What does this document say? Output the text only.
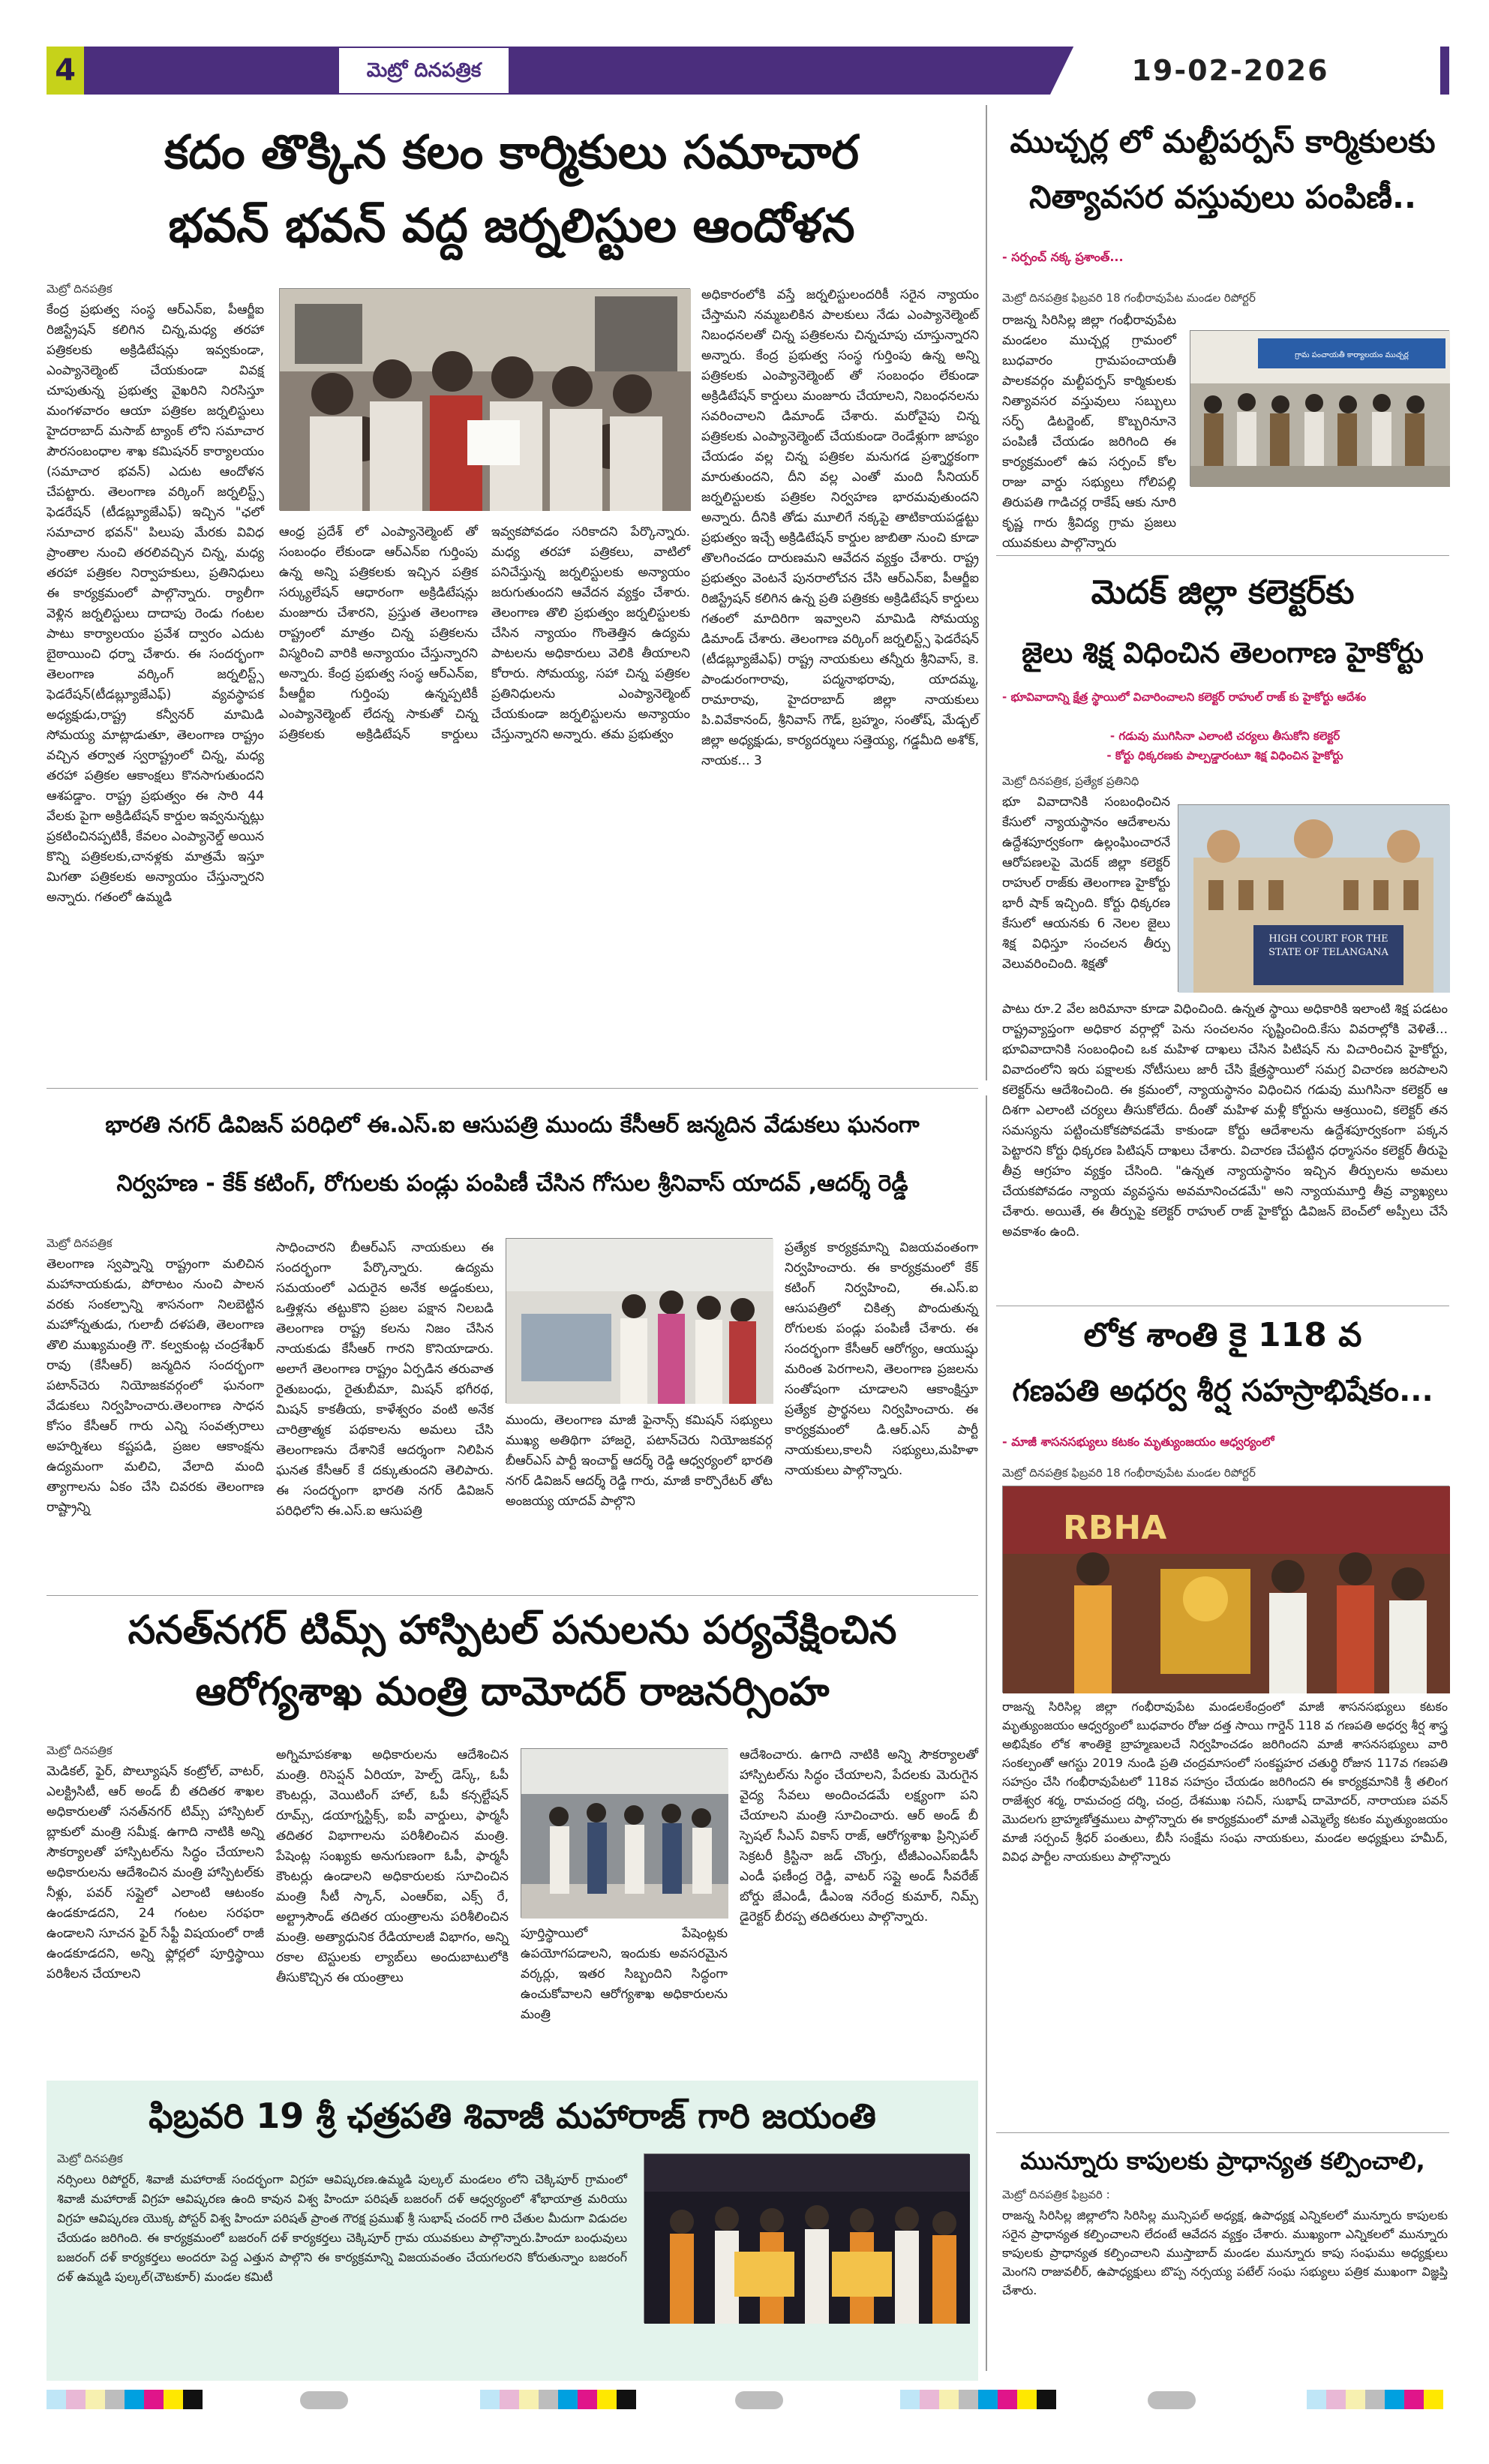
4	మెట్రో దినపత్రిక	19-02-2026
కదం తొక్కిన కలం కార్మికులు సమాచార
భవన్ భవన్ వద్ద జర్నలిస్టుల ఆందోళన
మెట్రో దినపత్రిక
కేంద్ర ప్రభుత్వ సంస్థ ఆర్ఎన్ఐ, పీఆర్జీఐ రిజిస్ట్రేషన్ కలిగిన చిన్న,మధ్య తరహా పత్రికలకు అక్రిడిటేషన్లు ఇవ్వకుండా, ఎంప్యానెల్మెంట్ చేయకుండా వివక్ష చూపుతున్న ప్రభుత్వ వైఖరిని నిరసిస్తూ మంగళవారం ఆయా పత్రికల జర్నలిస్టులు హైదరాబాద్ మసాబ్ ట్యాంక్ లోని సమాచార పౌరసంబంధాల శాఖ కమిషనర్ కార్యాలయం (సమాచార భవన్) ఎదుట ఆందోళన చేపట్టారు. తెలంగాణ వర్కింగ్ జర్నలిస్ట్స్ ఫెడరేషన్ (టీడబ్ల్యూజేఎఫ్) ఇచ్చిన "ఛలో సమాచార భవన్" పిలుపు మేరకు వివిధ ప్రాంతాల నుంచి తరలివచ్చిన చిన్న, మధ్య తరహా పత్రికల నిర్వాహకులు, ప్రతినిధులు ఈ కార్యక్రమంలో పాల్గొన్నారు. ర్యాలీగా వెళ్లిన జర్నలిస్టులు దాదాపు రెండు గంటల పాటు కార్యాలయం ప్రవేశ ద్వారం ఎదుట బైఠాయించి ధర్నా చేశారు. ఈ సందర్భంగా తెలంగాణ వర్కింగ్ జర్నలిస్ట్స్ ఫెడరేషన్(టీడబ్ల్యూజేఎఫ్) వ్యవస్థాపక అధ్యక్షుడు,రాష్ట్ర కన్వీనర్ మామిడి సోమయ్య మాట్లాడుతూ, తెలంగాణ రాష్ట్రం వచ్చిన తర్వాత స్వరాష్ట్రంలో చిన్న, మధ్య తరహా పత్రికల ఆకాంక్షలు కొనసాగుతుందని ఆశపడ్డాం. రాష్ట్ర ప్రభుత్వం ఈ సారి 44 వేలకు పైగా అక్రిడిటేషన్ కార్డుల ఇవ్వనున్నట్లు ప్రకటించినప్పటికీ, కేవలం ఎంప్యానెల్డ్ అయిన కొన్ని పత్రికలకు,చానళ్లకు మాత్రమే ఇస్తూ మిగతా పత్రికలకు అన్యాయం చేస్తున్నారని అన్నారు. గతంలో ఉమ్మడి
ఆంధ్ర ప్రదేశ్ లో ఎంప్యానెల్మెంట్ తో సంబంధం లేకుండా ఆర్ఎన్ఐ గుర్తింపు ఉన్న అన్ని పత్రికలకు ఇచ్చిన పత్రిక సర్క్యులేషన్ ఆధారంగా అక్రిడిటేషన్లు మంజూరు చేశారని, ప్రస్తుత తెలంగాణ రాష్ట్రంలో మాత్రం చిన్న పత్రికలను విస్మరించి వారికి అన్యాయం చేస్తున్నారని అన్నారు. కేంద్ర ప్రభుత్వ సంస్థ ఆర్ఎన్ఐ, పీఆర్జీఐ గుర్తింపు ఉన్నప్పటికీ ఎంప్యానెల్మెంట్ లేదన్న సాకుతో చిన్న పత్రికలకు అక్రిడిటేషన్ కార్డులు ఇవ్వకపోవడం సరికాదని పేర్కొన్నారు. మధ్య తరహా పత్రికలు, వాటిలో పనిచేస్తున్న జర్నలిస్టులకు అన్యాయం జరుగుతుందని ఆవేదన వ్యక్తం చేశారు. తెలంగాణ తొలి ప్రభుత్వం జర్నలిస్టులకు చేసిన న్యాయం గొంతెత్తిన ఉద్యమ పాటలను అధికారులు వెలికి తీయాలని కోరారు. సోమయ్య, సహా చిన్న పత్రికల ప్రతినిధులను ఎంప్యానెల్మెంట్ చేయకుండా జర్నలిస్టులను అన్యాయం చేస్తున్నారని అన్నారు. తమ ప్రభుత్వం
అధికారంలోకి వస్తే జర్నలిస్టులందరికీ సరైన న్యాయం చేస్తామని నమ్మబలికిన పాలకులు నేడు ఎంప్యానెల్మెంట్ నిబంధనలతో చిన్న పత్రికలను చిన్నచూపు చూస్తున్నారని అన్నారు. కేంద్ర ప్రభుత్వ సంస్థ గుర్తింపు ఉన్న అన్ని పత్రికలకు ఎంప్యానెల్మెంట్ తో సంబంధం లేకుండా అక్రిడిటేషన్ కార్డులు మంజూరు చేయాలని, నిబంధనలను సవరించాలని డిమాండ్ చేశారు. మరోవైపు చిన్న పత్రికలకు ఎంప్యానెల్మెంట్ చేయకుండా రెండేళ్లుగా జాప్యం చేయడం వల్ల చిన్న పత్రికల మనుగడ ప్రశ్నార్థకంగా మారుతుందని, దీని వల్ల ఎంతో మంది సీనియర్ జర్నలిస్టులకు పత్రికల నిర్వహణ భారమవుతుందని అన్నారు. దీనికి తోడు మూలిగే నక్కపై తాటికాయపడ్డట్టు ప్రభుత్వం ఇచ్చే అక్రిడిటేషన్ కార్డుల జాబితా నుంచి కూడా తొలగించడం దారుణమని ఆవేదన వ్యక్తం చేశారు. రాష్ట్ర ప్రభుత్వం వెంటనే పునరాలోచన చేసి ఆర్ఎన్ఐ, పీఆర్జీఐ రిజిస్ట్రేషన్ కలిగిన ఉన్న ప్రతి పత్రికకు అక్రిడిటేషన్ కార్డులు గతంలో మాదిరిగా ఇవ్వాలని మామిడి సోమయ్య డిమాండ్ చేశారు. తెలంగాణ వర్కింగ్ జర్నలిస్ట్స్ ఫెడరేషన్ (టీడబ్ల్యూజేఎఫ్) రాష్ట్ర నాయకులు తన్నీరు శ్రీనివాస్, కె. పాండురంగారావు, పద్మనాభరావు, యాదమ్మ, రామారావు, హైదరాబాద్ జిల్లా నాయకులు పి.వివేకానంద్, శ్రీనివాస్ గౌడ్, బ్రహ్మం, సంతోష్, మేడ్చల్ జిల్లా అధ్యక్షుడు, కార్యదర్శులు సత్తెయ్య, గడ్డమీది అశోక్, నాయక... 3
ముచ్చర్ల లో మల్టీపర్పస్ కార్మికులకు
నిత్యావసర వస్తువులు పంపిణీ..
- సర్పంచ్ నక్క ప్రశాంత్...
మెట్రో దినపత్రిక ఫిబ్రవరి 18 గంభీరావుపేట మండల రిపోర్టర్
రాజన్న సిరిసిల్ల జిల్లా గంభీరావుపేట మండలం ముచ్చర్ల గ్రామంలో బుధవారం గ్రామపంచాయతీ పాలకవర్గం మల్టీపర్పస్ కార్మికులకు నిత్యావసర వస్తువులు సబ్బులు సర్ఫ్ డిటర్జెంట్, కొబ్బరినూనె పంపిణీ చేయడం జరిగింది ఈ కార్యక్రమంలో ఉప సర్పంచ్ కోల రాజు వార్డు సభ్యులు గోలిపల్లి తిరుపతి గాడిచర్ల రాకేష్ ఆకు నూరి కృష్ణ గారు శ్రీవిద్య గ్రామ ప్రజలు యువకులు పాల్గొన్నారు
గ్రామ పంచాయతీ కార్యాలయం ముచ్చర్ల
మెదక్ జిల్లా కలెక్టర్‌కు
జైలు శిక్ష విధించిన తెలంగాణ హైకోర్టు
- భూవివాదాన్ని క్షేత్ర స్థాయిలో విచారించాలని కలెక్టర్ రాహుల్ రాజ్ కు హైకోర్టు ఆదేశం
- గడువు ముగిసినా ఎలాంటి చర్యలు తీసుకోని కలెక్టర్
- కోర్టు ధిక్కరణకు పాల్పడ్డారంటూ శిక్ష విధించిన హైకోర్టు
మెట్రో దినపత్రిక, ప్రత్యేక ప్రతినిధి
భూ వివాదానికి సంబంధించిన కేసులో న్యాయస్థానం ఆదేశాలను ఉద్దేశపూర్వకంగా ఉల్లంఘించారనే ఆరోపణలపై మెదక్ జిల్లా కలెక్టర్ రాహుల్ రాజ్‌కు తెలంగాణ హైకోర్టు భారీ షాక్ ఇచ్చింది. కోర్టు ధిక్కరణ కేసులో ఆయనకు 6 నెలల జైలు శిక్ష విధిస్తూ సంచలన తీర్పు వెలువరించింది. శిక్షతో
HIGH COURT FOR THE STATE OF TELANGANA
పాటు రూ.2 వేల జరిమానా కూడా విధించింది. ఉన్నత స్థాయి అధికారికి ఇలాంటి శిక్ష పడటం రాష్ట్రవ్యాప్తంగా అధికార వర్గాల్లో పెను సంచలనం సృష్టించింది.కేసు వివరాల్లోకి వెళితే... భూవివాదానికి సంబంధించి ఒక మహిళ దాఖలు చేసిన పిటిషన్ ను విచారించిన హైకోర్టు, వివాదంలోని ఇరు పక్షాలకు నోటీసులు జారీ చేసి క్షేత్రస్థాయిలో సమగ్ర విచారణ జరపాలని కలెక్టర్‌ను ఆదేశించింది. ఈ క్రమంలో, న్యాయస్థానం విధించిన గడువు ముగిసినా కలెక్టర్ ఆ దిశగా ఎలాంటి చర్యలు తీసుకోలేదు. దీంతో మహిళ మళ్లీ కోర్టును ఆశ్రయించి, కలెక్టర్ తన సమస్యను పట్టించుకోకపోవడమే కాకుండా కోర్టు ఆదేశాలను ఉద్దేశపూర్వకంగా పక్కన పెట్టారని కోర్టు ధిక్కరణ పిటిషన్ దాఖలు చేశారు. విచారణ చేపట్టిన ధర్మాసనం కలెక్టర్ తీరుపై తీవ్ర ఆగ్రహం వ్యక్తం చేసింది. "ఉన్నత న్యాయస్థానం ఇచ్చిన తీర్పులను అమలు చేయకపోవడం న్యాయ వ్యవస్థను అవమానించడమే" అని న్యాయమూర్తి తీవ్ర వ్యాఖ్యలు చేశారు. అయితే, ఈ తీర్పుపై కలెక్టర్ రాహుల్ రాజ్ హైకోర్టు డివిజన్ బెంచ్‌లో అప్పీలు చేసే అవకాశం ఉంది.
లోక శాంతి కై 118 వ
గణపతి అధర్వ శీర్ష సహస్రాభిషేకం...
- మాజీ శాసనసభ్యులు కటకం మృత్యుంజయం ఆధ్వర్యంలో
మెట్రో దినపత్రిక ఫిబ్రవరి 18 గంభీరావుపేట మండల రిపోర్టర్
RBHA
రాజన్న సిరిసిల్ల జిల్లా గంభీరావుపేట మండలకేంద్రంలో మాజీ శాసనసభ్యులు కటకం మృత్యుంజయం ఆధ్వర్యంలో బుధవారం రోజు దత్త సాయి గార్డెన్ 118 వ గణపతి అధర్వ శీర్ష శాస్త్ర అభిషేకం లోక శాంతికై బ్రాహ్మణులచే నిర్వహించడం జరిగిందని మాజీ శాసనసభ్యులు వారి సంకల్పంతో ఆగస్టు 2019 నుండి ప్రతి చంద్రమాసంలో సంకష్టహర చతుర్థి రోజున 117వ గణపతి సహస్రం చేసి గంభీరావుపేటలో 118వ సహస్రం చేయడం జరిగిందని ఈ కార్యక్రమానికి శ్రీ తలింగ రాజేశ్వర శర్మ, రామచంద్ర దర్శి, చంద్ర, దేశముఖ సచిన్, సుభాష్ దామోదర్, నారాయణ పవన్ మొదలగు బ్రాహ్మణోత్తములు పాల్గొన్నారు ఈ కార్యక్రమంలో మాజీ ఎమ్మెల్యే కటకం మృత్యుంజయం మాజీ సర్పంచ్ శ్రీధర్ పంతులు, బీసీ సంక్షేమ సంఘ నాయకులు, మండల అధ్యక్షులు హమీద్, వివిధ పార్టీల నాయకులు పాల్గొన్నారు
మున్నూరు కాపులకు ప్రాధాన్యత కల్పించాలి,
మెట్రో దినపత్రిక ఫిబ్రవరి :
రాజన్న సిరిసిల్ల జిల్లాలోని సిరిసిల్ల మున్సిపల్ అధ్యక్ష, ఉపాధ్యక్ష ఎన్నికలలో మున్నూరు కాపులకు సరైన ప్రాధాన్యత కల్పించాలని లేదంటే ఆవేదన వ్యక్తం చేశారు. ముఖ్యంగా ఎన్నికలలో మున్నూరు కాపులకు ప్రాధాన్యత కల్పించాలని ముస్తాబాద్ మండల మున్నూరు కాపు సంఘము అధ్యక్షులు మెంగని రాజువలీర్, ఉపాధ్యక్షులు బొప్ప నర్సయ్య పటేల్ సంఘ సభ్యులు పత్రిక ముఖంగా విజ్ఞప్తి చేశారు.
భారతి నగర్ డివిజన్ పరిధిలో ఈ.ఎస్.ఐ ఆసుపత్రి ముందు కేసీఆర్ జన్మదిన వేడుకలు ఘనంగా
నిర్వహణ - కేక్ కటింగ్, రోగులకు పండ్లు పంపిణీ చేసిన గోసుల శ్రీనివాస్ యాదవ్ ,ఆదర్శ్ రెడ్డీ
మెట్రో దినపత్రిక
తెలంగాణ స్వప్నాన్ని రాష్ట్రంగా మలిచిన మహానాయకుడు, పోరాటం నుంచి పాలన వరకు సంకల్పాన్ని శాసనంగా నిలబెట్టిన మహోన్నతుడు, గులాబీ దళపతి, తెలంగాణ తొలి ముఖ్యమంత్రి గౌ. కల్వకుంట్ల చంద్రశేఖర్ రావు (కేసీఆర్) జన్మదిన సందర్భంగా పటాన్‌చెరు నియోజకవర్గంలో ఘనంగా వేడుకలు నిర్వహించారు.తెలంగాణ సాధన కోసం కేసీఆర్ గారు ఎన్ని సంవత్సరాలు అహర్నిశలు కష్టపడి, ప్రజల ఆకాంక్షను ఉద్యమంగా మలిచి, వేలాది మంది త్యాగాలను ఏకం చేసి చివరకు తెలంగాణ రాష్ట్రాన్ని
సాధించారని బీఆర్ఎస్ నాయకులు ఈ సందర్భంగా పేర్కొన్నారు. ఉద్యమ సమయంలో ఎదురైన అనేక అడ్డంకులు, ఒత్తిళ్లను తట్టుకొని ప్రజల పక్షాన నిలబడి తెలంగాణ రాష్ట్ర కలను నిజం చేసిన నాయకుడు కేసీఆర్ గారని కొనియాడారు. అలాగే తెలంగాణ రాష్ట్రం ఏర్పడిన తరువాత రైతుబంధు, రైతుబీమా, మిషన్ భగీరథ, మిషన్ కాకతీయ, కాళేశ్వరం వంటి అనేక చారిత్రాత్మక పథకాలను అమలు చేసి తెలంగాణను దేశానికే ఆదర్శంగా నిలిపిన ఘనత కేసీఆర్ కే దక్కుతుందని తెలిపారు. ఈ సందర్భంగా భారతి నగర్ డివిజన్ పరిధిలోని ఈ.ఎస్.ఐ ఆసుపత్రి
ముందు, తెలంగాణ మాజీ ఫైనాన్స్ కమిషన్ సభ్యులు ముఖ్య అతిథిగా హాజరై, పటాన్‌చెరు నియోజకవర్గ బీఆర్ఎస్ పార్టీ ఇంచార్జ్ ఆదర్శ్ రెడ్డి ఆధ్వర్యంలో భారతి నగర్ డివిజన్ ఆదర్శ్ రెడ్డి గారు, మాజీ కార్పొరేటర్ తోట అంజయ్య యాదవ్ పాల్గొని
ప్రత్యేక కార్యక్రమాన్ని విజయవంతంగా నిర్వహించారు. ఈ కార్యక్రమంలో కేక్ కటింగ్ నిర్వహించి, ఈ.ఎస్.ఐ ఆసుపత్రిలో చికిత్స పొందుతున్న రోగులకు పండ్లు పంపిణీ చేశారు. ఈ సందర్భంగా కేసీఆర్ ఆరోగ్యం, ఆయుష్షు మరింత పెరగాలని, తెలంగాణ ప్రజలను సంతోషంగా చూడాలని ఆకాంక్షిస్తూ ప్రత్యేక ప్రార్థనలు నిర్వహించారు. ఈ కార్యక్రమంలో డి.ఆర్.ఎస్ పార్టీ నాయకులు,కాలనీ సభ్యులు,మహిళా నాయకులు పాల్గొన్నారు.
సనత్‌నగర్ టిమ్స్ హాస్పిటల్ పనులను పర్యవేక్షించిన
ఆరోగ్యశాఖ మంత్రి దామోదర్ రాజనర్సింహ
మెట్రో దినపత్రిక
మెడికల్, ఫైర్, పొల్యూషన్ కంట్రోల్, వాటర్, ఎలక్ట్రిసిటీ, ఆర్ అండ్ బీ తదితర శాఖల అధికారులతో సనత్‌నగర్ టిమ్స్ హాస్పిటల్ బ్లాకులో మంత్రి సమీక్ష. ఉగాది నాటికి అన్ని సౌకర్యాలతో హాస్పిటల్‌ను సిద్ధం చేయాలని అధికారులను ఆదేశించిన మంత్రి హాస్పిటల్‌కు నీళ్లు, పవర్ సప్లైలో ఎలాంటి ఆటంకం ఉండకూడదని, 24 గంటల సరఫరా ఉండాలని సూచన ఫైర్ సేఫ్టీ విషయంలో రాజీ ఉండకూడదని, అన్ని ఫ్లోర్లలో పూర్తిస్థాయి పరిశీలన చేయాలని
అగ్నిమాపకశాఖ అధికారులను ఆదేశించిన మంత్రి. రిసెప్షన్ ఏరియా, హెల్ప్ డెస్క్, ఓపీ కౌంటర్లు, వెయిటింగ్ హాల్, ఓపీ కన్సల్టేషన్ రూమ్స్, డయాగ్నస్టిక్స్, ఐపీ వార్డులు, ఫార్మసీ తదితర విభాగాలను పరిశీలించిన మంత్రి. పేషెంట్ల సంఖ్యకు అనుగుణంగా ఓపీ, ఫార్మసీ కౌంటర్లు ఉండాలని అధికారులకు సూచించిన మంత్రి సీటీ స్కాన్, ఎంఆర్ఐ, ఎక్స్ రే, అల్ట్రాసౌండ్ తదితర యంత్రాలను పరిశీలించిన మంత్రి. అత్యాధునిక రేడియాలజీ విభాగం, అన్ని రకాల టెస్టులకు ల్యాబ్‌లు అందుబాటులోకి తీసుకొచ్చిన ఈ యంత్రాలు
పూర్తిస్థాయిలో పేషెంట్లకు ఉపయోగపడాలని, ఇందుకు అవసరమైన వర్కర్లు, ఇతర సిబ్బందిని సిద్ధంగా ఉంచుకోవాలని ఆరోగ్యశాఖ అధికారులను మంత్రి
ఆదేశించారు. ఉగాది నాటికి అన్ని సౌకర్యాలతో హాస్పిటల్‌ను సిద్ధం చేయాలని, పేదలకు మెరుగైన వైద్య సేవలు అందించడమే లక్ష్యంగా పని చేయాలని మంత్రి సూచించారు. ఆర్ అండ్ బీ స్పెషల్ సీఎస్ వికాస్ రాజ్, ఆరోగ్యశాఖ ప్రిన్సిపల్ సెక్రటరీ క్రిస్టినా జడ్ చొంగ్తు, టీజీఎంఎస్ఐడీసీ ఎండీ ఫణీంద్ర రెడ్డి, వాటర్ సప్లై అండ్ సీవరేజ్ బోర్డు జేఎండీ, డీఎంఇ నరేంద్ర కుమార్, నిమ్స్ డైరెక్టర్ బీరప్ప తదితరులు పాల్గొన్నారు.
ఫిబ్రవరి 19 శ్రీ ఛత్రపతి శివాజీ మహారాజ్ గారి జయంతి
మెట్రో దినపత్రిక
నర్సింలు రిపోర్టర్, శివాజీ మహారాజ్ సందర్భంగా విగ్రహ ఆవిష్కరణ.ఉమ్మడి పుల్కల్ మండలం లోని చెక్కిపూర్ గ్రామంలో శివాజీ మహారాజ్ విగ్రహ ఆవిష్కరణ ఉంది కావున విశ్వ హిందూ పరిషత్ బజరంగ్ దళ్ ఆధ్వర్యంలో శోభాయాత్ర మరియు విగ్రహ ఆవిష్కరణ యొక్క పోస్టర్ విశ్వ హిందూ పరిషత్ ప్రాంత గౌరక్ష ప్రముఖ్ శ్రీ సుభాష్ చందర్ గారి చేతుల మీదుగా విడుదల చేయడం జరిగింది. ఈ కార్యక్రమంలో బజరంగ్ దళ్ కార్యకర్తలు చెక్కిపూర్ గ్రామ యువకులు పాల్గొన్నారు.హిందూ బంధువులు బజరంగ్ దళ్ కార్యకర్తలు అందరూ పెద్ద ఎత్తున పాల్గొని ఈ కార్యక్రమాన్ని విజయవంతం చేయగలరని కోరుతున్నాం బజరంగ్ దళ్ ఉమ్మడి పుల్కల్(చౌటకూర్) మండల కమిటీ
